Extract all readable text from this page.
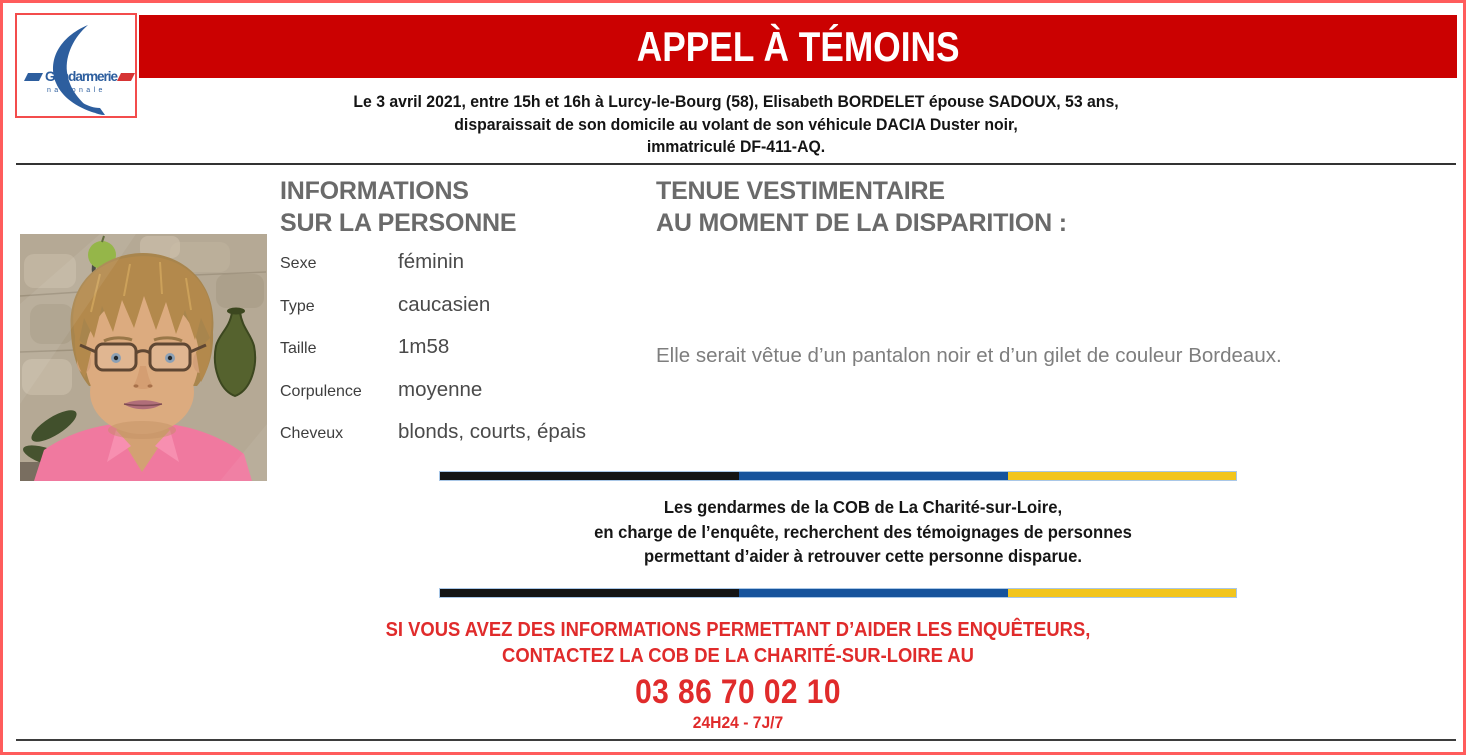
Gendarmerie
nationale
APPEL À TÉMOINS
Le 3 avril 2021, entre 15h et 16h à Lurcy-le-Bourg (58), Elisabeth BORDELET épouse SADOUX, 53 ans,
disparaissait de son domicile au volant de son véhicule DACIA Duster noir,
immatriculé DF-411-AQ.
INFORMATIONS
SUR LA PERSONNE
Sexe	féminin
Type	caucasien
Taille	1m58
Corpulence	moyenne
Cheveux	blonds, courts, épais
TENUE VESTIMENTAIRE
AU MOMENT DE LA DISPARITION :
Elle serait vêtue d’un pantalon noir et d’un gilet de couleur Bordeaux.
Les gendarmes de la COB de La Charité-sur-Loire,
en charge de l’enquête, recherchent des témoignages de personnes
permettant d’aider à retrouver cette personne disparue.
SI VOUS AVEZ DES INFORMATIONS PERMETTANT D’AIDER LES ENQUÊTEURS,
CONTACTEZ LA COB DE LA CHARITÉ-SUR-LOIRE AU
03 86 70 02 10
24H24 - 7J/7
